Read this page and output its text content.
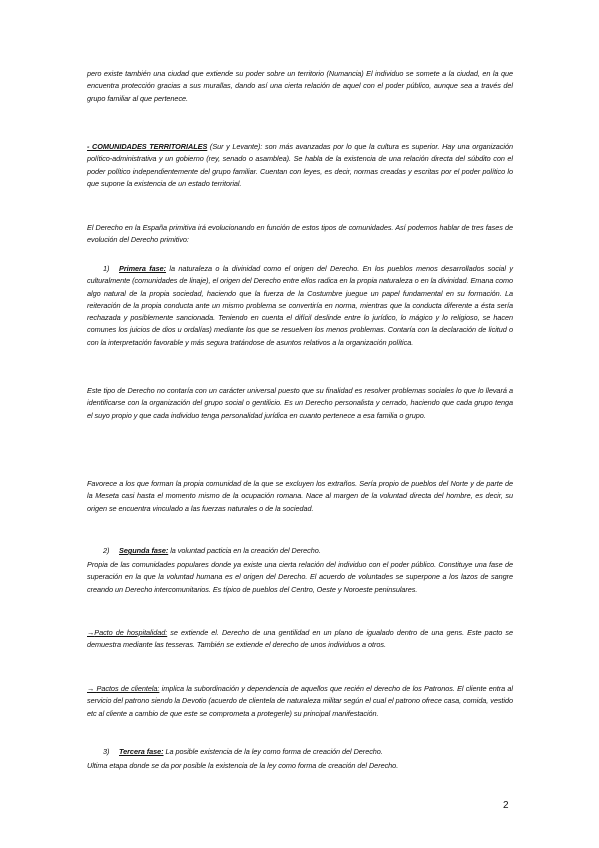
pero existe también una ciudad que extiende su poder sobre un territorio (Numancia) El individuo se somete a la ciudad, en la que encuentra protección gracias a sus murallas, dando así una cierta relación de aquel con el poder público, aunque sea a través del grupo familiar al que pertenece.

- COMUNIDADES TERRITORIALES (Sur y Levante): son más avanzadas por lo que la cultura es superior. Hay una organización político-administrativa y un gobierno (rey, senado o asamblea). Se habla de la existencia de una relación directa del súbdito con el poder político independientemente del grupo familiar. Cuentan con leyes, es decir, normas creadas y escritas por el poder político lo que supone la existencia de un estado territorial.

El Derecho en la España primitiva irá evolucionando en función de estos tipos de comunidades. Así podemos hablar de tres fases de evolución del Derecho primitivo:

1) Primera fase: la naturaleza o la divinidad como el origen del Derecho. En los pueblos menos desarrollados social y culturalmente (comunidades de linaje), el origen del Derecho entre ellos radica en la propia naturaleza o en la divinidad. Emana como algo natural de la propia sociedad, haciendo que la fuerza de la Costumbre juegue un papel fundamental en su formación. La reiteración de la propia conducta ante un mismo problema se convertiría en norma, mientras que la conducta diferente a ésta sería rechazada y posiblemente sancionada. Teniendo en cuenta el difícil deslinde entre lo jurídico, lo mágico y lo religioso, se hacen comunes los juicios de dios u ordalías) mediante los que se resuelven los menos problemas. Contaría con la declaración de licitud o con la interpretación favorable y más segura tratándose de asuntos relativos a la organización política.

Este tipo de Derecho no contaría con un carácter universal puesto que su finalidad es resolver problemas sociales lo que lo llevará a identificarse con la organización del grupo social o gentilicio. Es un Derecho personalista y cerrado, haciendo que cada grupo tenga el suyo propio y que cada individuo tenga personalidad jurídica en cuanto pertenece a esa familia o grupo.

Favorece a los que forman la propia comunidad de la que se excluyen los extraños. Sería propio de pueblos del Norte y de parte de la Meseta casi hasta el momento mismo de la ocupación romana. Nace al margen de la voluntad directa del hombre, es decir, su origen se encuentra vinculado a las fuerzas naturales o de la sociedad.

2) Segunda fase: la voluntad pacticia en la creación del Derecho.

Propia de las comunidades populares donde ya existe una cierta relación del individuo con el poder público. Constituye una fase de superación en la que la voluntad humana es el origen del Derecho. El acuerdo de voluntades se superpone a los lazos de sangre creando un Derecho intercomunitarios. Es típico de pueblos del Centro, Oeste y Noroeste peninsulares.

→Pacto de hospitalidad: se extiende el. Derecho de una gentilidad en un plano de igualado dentro de una gens. Este pacto se demuestra mediante las tesseras. También se extiende el derecho de unos individuos a otros.

→ Pactos de clientela: implica la subordinación y dependencia de aquellos que recién el derecho de los Patronos. El cliente entra al servicio del patrono siendo la Devotio (acuerdo de clientela de naturaleza militar según el cual el patrono ofrece casa, comida, vestido etc al cliente a cambio de que este se comprometa a protegerle) su principal manifestación.

3) Tercera fase: La posible existencia de la ley como forma de creación del Derecho.

Ultima etapa donde se da por posible la existencia de la ley como forma de creación del Derecho.

2
